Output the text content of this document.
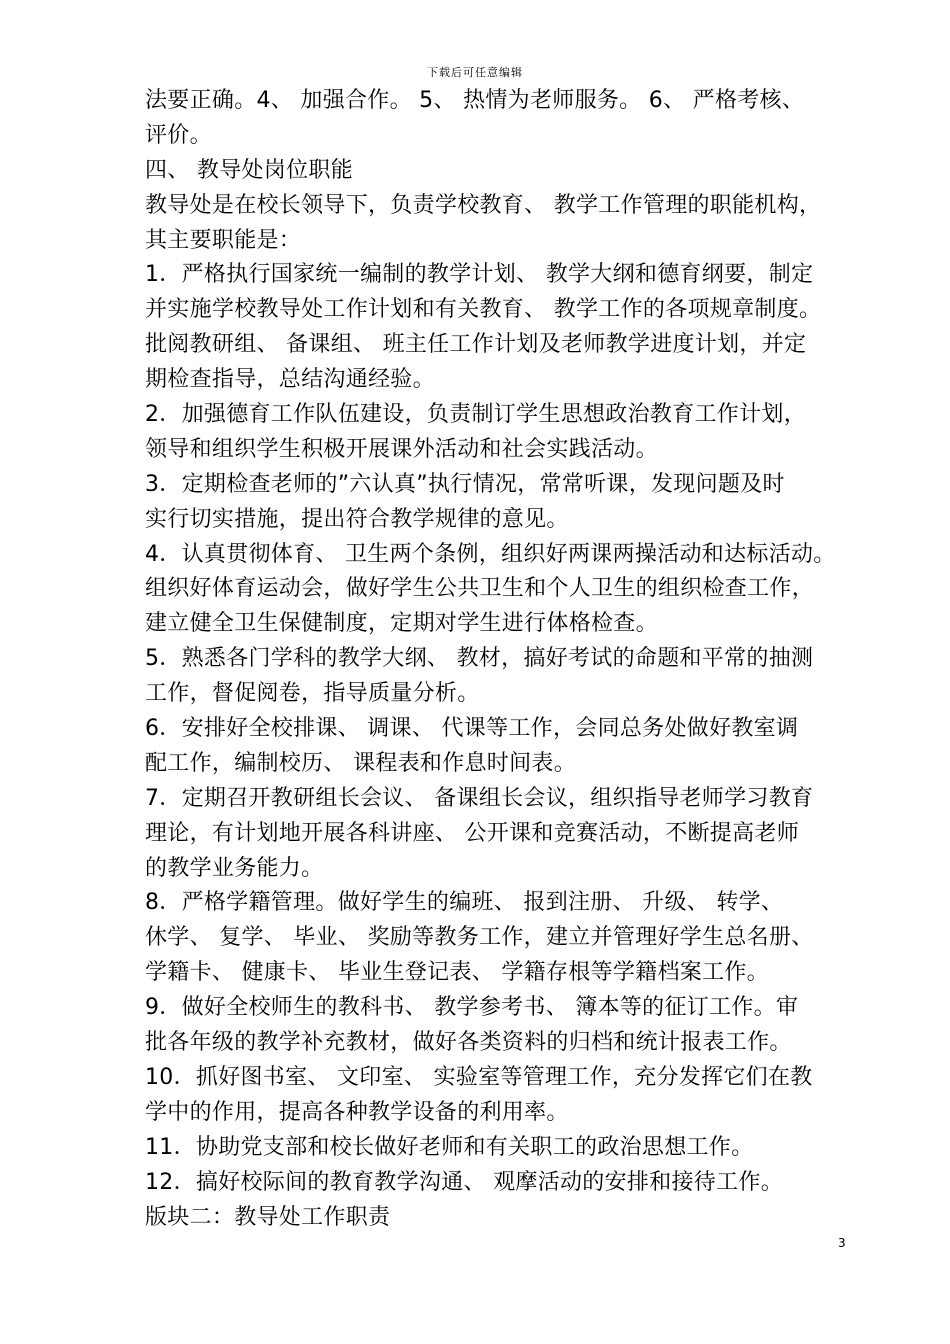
下载后可任意编辑
法要正确。4、 加强合作。 5、 热情为老师服务。 6、 严格考核、
评价。
四、 教导处岗位职能
教导处是在校长领导下，负责学校教育、 教学工作管理的职能机构，
其主要职能是：
1．严格执行国家统一编制的教学计划、 教学大纲和德育纲要，制定
并实施学校教导处工作计划和有关教育、 教学工作的各项规章制度。
批阅教研组、 备课组、 班主任工作计划及老师教学进度计划，并定
期检查指导，总结沟通经验。
2．加强德育工作队伍建设，负责制订学生思想政治教育工作计划，
领导和组织学生积极开展课外活动和社会实践活动。
3．定期检查老师的”六认真”执行情况，常常听课，发现问题及时
实行切实措施，提出符合教学规律的意见。
4．认真贯彻体育、 卫生两个条例，组织好两课两操活动和达标活动。
组织好体育运动会，做好学生公共卫生和个人卫生的组织检查工作，
建立健全卫生保健制度，定期对学生进行体格检查。
5．熟悉各门学科的教学大纲、 教材，搞好考试的命题和平常的抽测
工作，督促阅卷，指导质量分析。
6．安排好全校排课、 调课、 代课等工作，会同总务处做好教室调
配工作，编制校历、 课程表和作息时间表。
7．定期召开教研组长会议、 备课组长会议，组织指导老师学习教育
理论，有计划地开展各科讲座、 公开课和竞赛活动，不断提高老师
的教学业务能力。
8．严格学籍管理。做好学生的编班、 报到注册、 升级、 转学、
休学、 复学、 毕业、 奖励等教务工作，建立并管理好学生总名册、
学籍卡、 健康卡、 毕业生登记表、 学籍存根等学籍档案工作。
9．做好全校师生的教科书、 教学参考书、 簿本等的征订工作。审
批各年级的教学补充教材，做好各类资料的归档和统计报表工作。
10．抓好图书室、 文印室、 实验室等管理工作，充分发挥它们在教
学中的作用，提高各种教学设备的利用率。
11．协助党支部和校长做好老师和有关职工的政治思想工作。
12．搞好校际间的教育教学沟通、 观摩活动的安排和接待工作。
版块二：教导处工作职责
3
